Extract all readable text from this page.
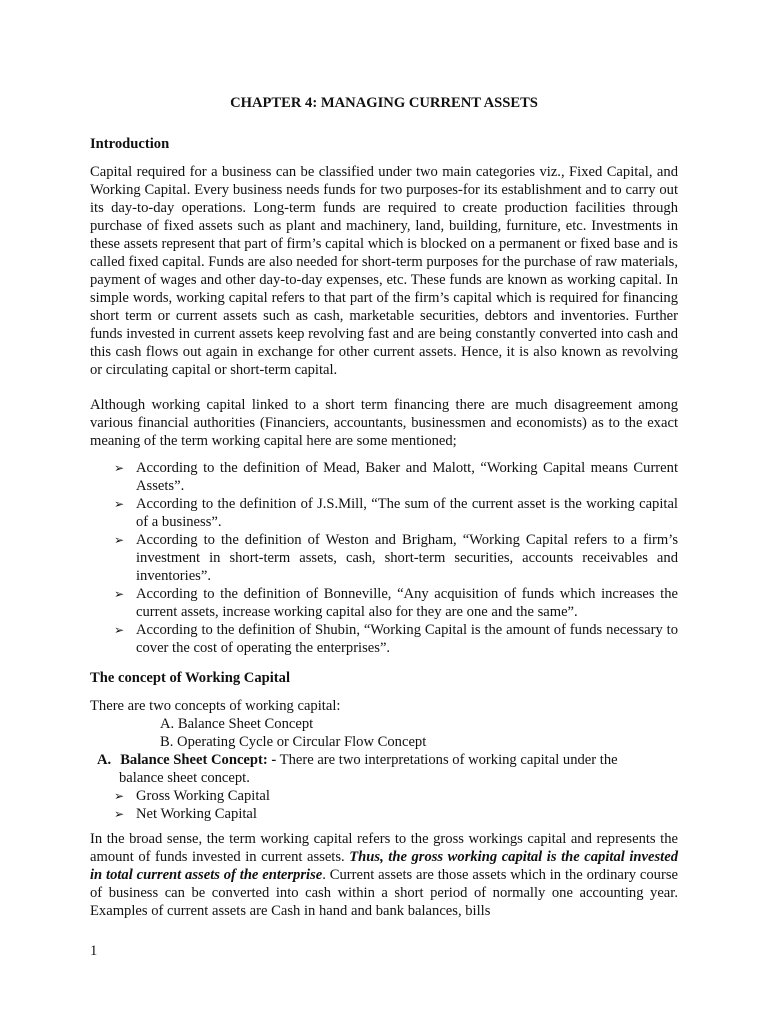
CHAPTER 4: MANAGING CURRENT ASSETS

Introduction

Capital required for a business can be classified under two main categories viz., Fixed Capital, and Working Capital. Every business needs funds for two purposes-for its establishment and to carry out its day-to-day operations. Long-term funds are required to create production facilities through purchase of fixed assets such as plant and machinery, land, building, furniture, etc. Investments in these assets represent that part of firm’s capital which is blocked on a permanent or fixed base and is called fixed capital. Funds are also needed for short-term purposes for the purchase of raw materials, payment of wages and other day-to-day expenses, etc. These funds are known as working capital. In simple words, working capital refers to that part of the firm’s capital which is required for financing short term or current assets such as cash, marketable securities, debtors and inventories. Further funds invested in current assets keep revolving fast and are being constantly converted into cash and this cash flows out again in exchange for other current assets. Hence, it is also known as revolving or circulating capital or short-term capital.

Although working capital linked to a short term financing there are much disagreement among various financial authorities (Financiers, accountants, businessmen and economists) as to the exact meaning of the term working capital here are some mentioned;

➢ According to the definition of Mead, Baker and Malott, “Working Capital means Current Assets”.
➢ According to the definition of J.S.Mill, “The sum of the current asset is the working capital of a business”.
➢ According to the definition of Weston and Brigham, “Working Capital refers to a firm’s investment in short-term assets, cash, short-term securities, accounts receivables and inventories”.
➢ According to the definition of Bonneville, “Any acquisition of funds which increases the current assets, increase working capital also for they are one and the same”.
➢ According to the definition of Shubin, “Working Capital is the amount of funds necessary to cover the cost of operating the enterprises”.

The concept of Working Capital

There are two concepts of working capital:

A. Balance Sheet Concept

B. Operating Cycle or Circular Flow Concept

A. Balance Sheet Concept: - There are two interpretations of working capital under the

balance sheet concept.

➢ Gross Working Capital
➢ Net Working Capital

In the broad sense, the term working capital refers to the gross workings capital and represents the amount of funds invested in current assets. Thus, the gross working capital is the capital invested in total current assets of the enterprise. Current assets are those assets which in the ordinary course of business can be converted into cash within a short period of normally one accounting year. Examples of current assets are Cash in hand and bank balances, bills

1
